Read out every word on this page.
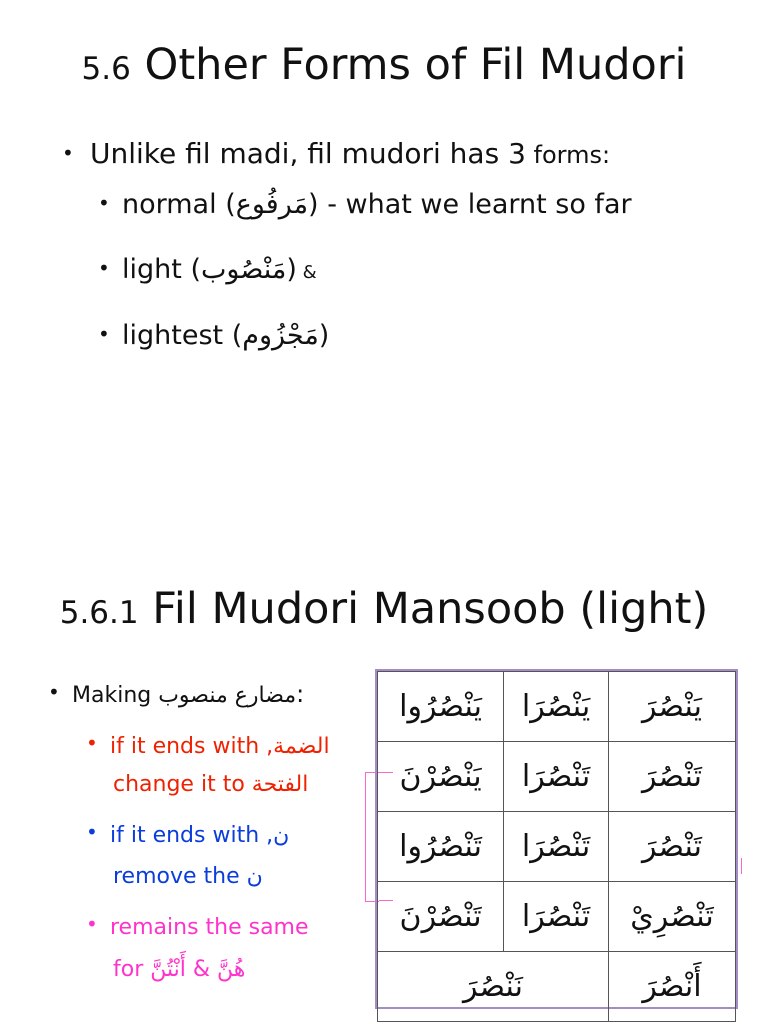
5.6 Other Forms of Fil Mudori
• Unlike fil madi, fil mudori has 3 forms:
• normal (مَرفُوع) - what we learnt so far
• light (مَنْصُوب) &
• lightest (مَجْزُوم)
5.6.1 Fil Mudori Mansoob (light)
• Making مضارع منصوب:
• if it ends with الضمة,
change it to الفتحة
• if it ends with ن,
remove the ن
• remains the same
for هُنَّ & أَنْتُنَّ
يَنْصُرَ	يَنْصُرَا	يَنْصُرُوا
تَنْصُرَ	تَنْصُرَا	يَنْصُرْنَ
تَنْصُرَ	تَنْصُرَا	تَنْصُرُوا
تَنْصُرِيْ	تَنْصُرَا	تَنْصُرْنَ
أَنْصُرَ	نَنْصُرَ	
